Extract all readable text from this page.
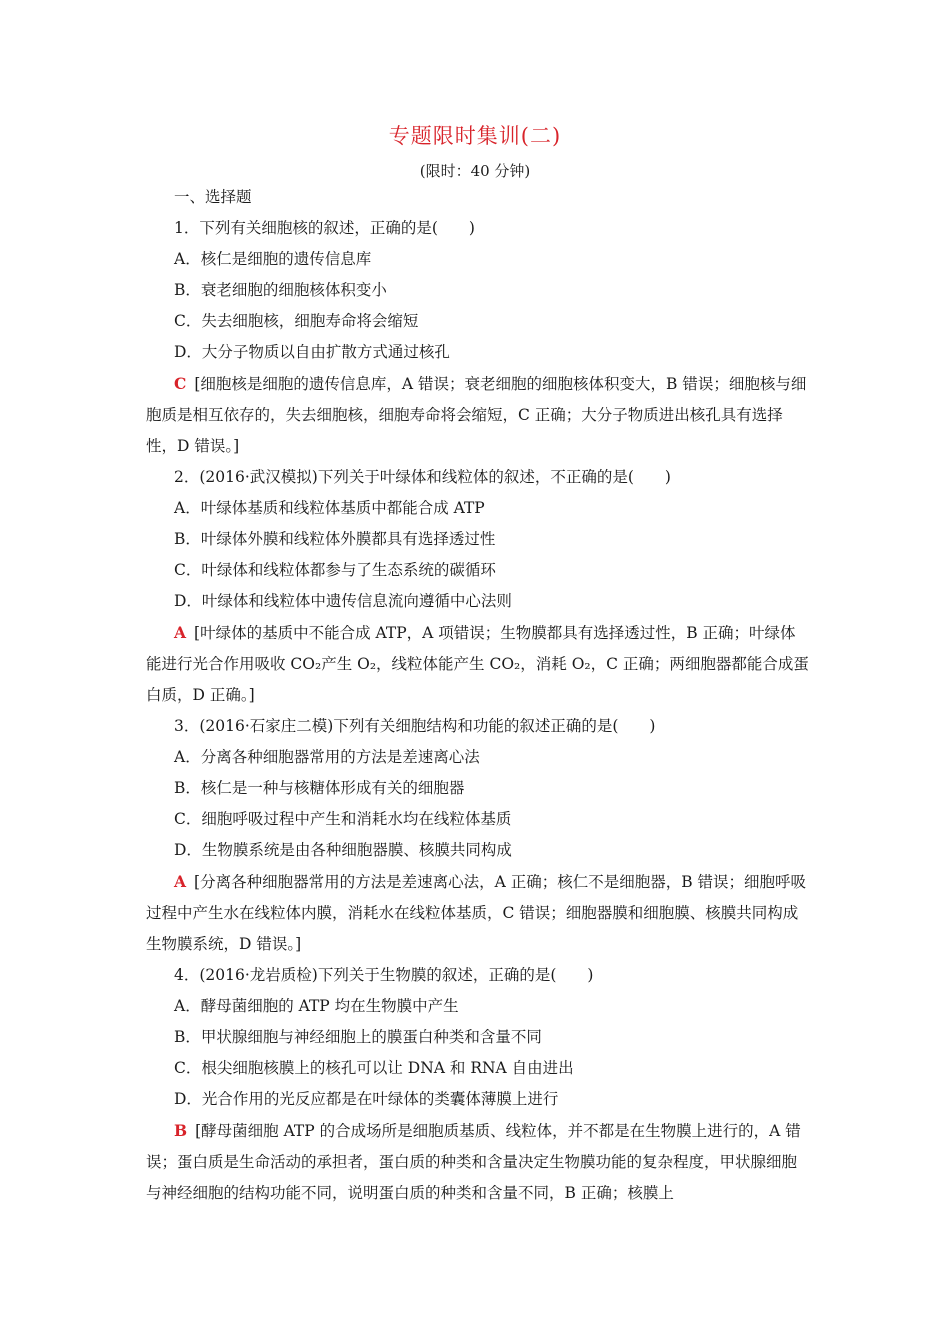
专题限时集训(二)
(限时：40 分钟)

一、选择题

1．下列有关细胞核的叙述，正确的是(　　)

A．核仁是细胞的遗传信息库

B．衰老细胞的细胞核体积变小

C．失去细胞核，细胞寿命将会缩短

D．大分子物质以自由扩散方式通过核孔

C [细胞核是细胞的遗传信息库，A 错误；衰老细胞的细胞核体积变大，B 错误；细胞核与细胞质是相互依存的，失去细胞核，细胞寿命将会缩短，C 正确；大分子物质进出核孔具有选择性，D 错误。]

2．(2016·武汉模拟)下列关于叶绿体和线粒体的叙述，不正确的是(　　)

A．叶绿体基质和线粒体基质中都能合成 ATP

B．叶绿体外膜和线粒体外膜都具有选择透过性

C．叶绿体和线粒体都参与了生态系统的碳循环

D．叶绿体和线粒体中遗传信息流向遵循中心法则

A [叶绿体的基质中不能合成 ATP，A 项错误；生物膜都具有选择透过性，B 正确；叶绿体能进行光合作用吸收 CO₂产生 O₂，线粒体能产生 CO₂，消耗 O₂，C 正确；两细胞器都能合成蛋白质，D 正确。]

3．(2016·石家庄二模)下列有关细胞结构和功能的叙述正确的是(　　)

A．分离各种细胞器常用的方法是差速离心法

B．核仁是一种与核糖体形成有关的细胞器

C．细胞呼吸过程中产生和消耗水均在线粒体基质

D．生物膜系统是由各种细胞器膜、核膜共同构成

A [分离各种细胞器常用的方法是差速离心法，A 正确；核仁不是细胞器，B 错误；细胞呼吸过程中产生水在线粒体内膜，消耗水在线粒体基质，C 错误；细胞器膜和细胞膜、核膜共同构成生物膜系统，D 错误。]

4．(2016·龙岩质检)下列关于生物膜的叙述，正确的是(　　)

A．酵母菌细胞的 ATP 均在生物膜中产生

B．甲状腺细胞与神经细胞上的膜蛋白种类和含量不同

C．根尖细胞核膜上的核孔可以让 DNA 和 RNA 自由进出

D．光合作用的光反应都是在叶绿体的类囊体薄膜上进行

B [酵母菌细胞 ATP 的合成场所是细胞质基质、线粒体，并不都是在生物膜上进行的，A 错误；蛋白质是生命活动的承担者，蛋白质的种类和含量决定生物膜功能的复杂程度，甲状腺细胞与神经细胞的结构功能不同，说明蛋白质的种类和含量不同，B 正确；核膜上
